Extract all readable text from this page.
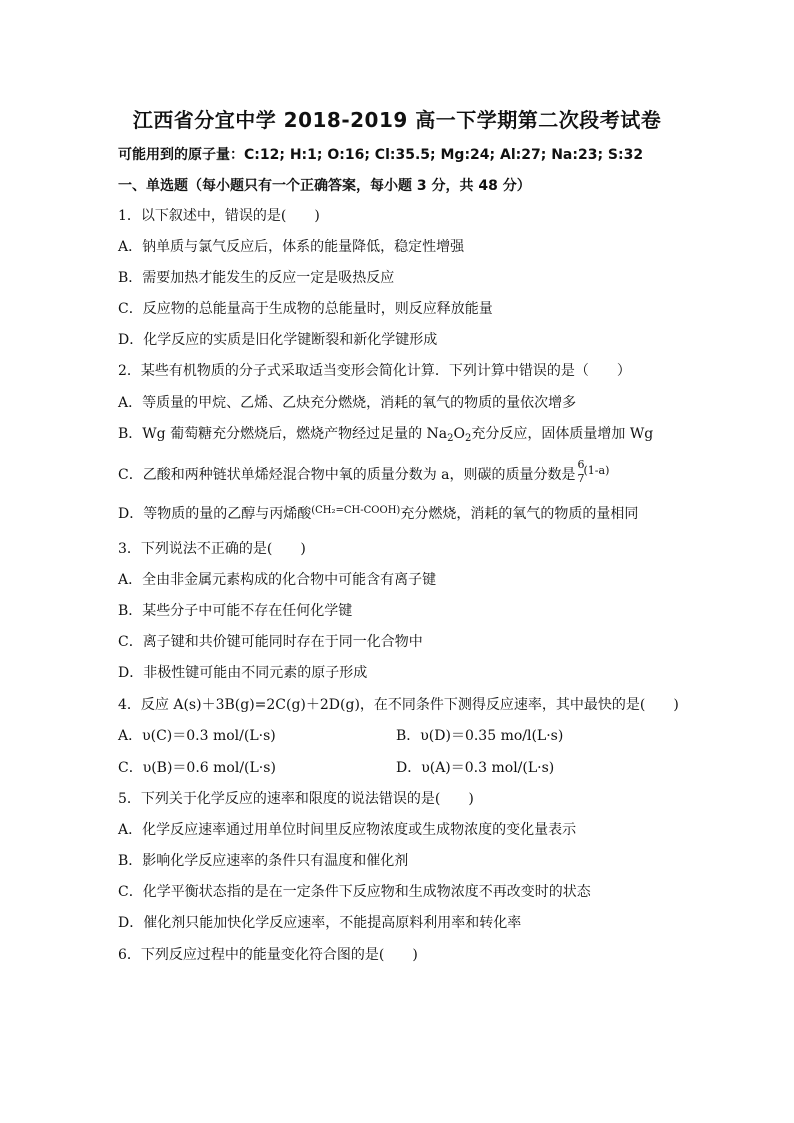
江西省分宜中学 2018-2019 高一下学期第二次段考试卷
可能用到的原子量：C:12; H:1; O:16; Cl:35.5; Mg:24; Al:27; Na:23; S:32
一、单选题（每小题只有一个正确答案，每小题 3 分，共 48 分）
1．以下叙述中，错误的是(　　)
A．钠单质与氯气反应后，体系的能量降低，稳定性增强
B．需要加热才能发生的反应一定是吸热反应
C．反应物的总能量高于生成物的总能量时，则反应释放能量
D．化学反应的实质是旧化学键断裂和新化学键形成
2．某些有机物质的分子式采取适当变形会简化计算．下列计算中错误的是（　　）
A．等质量的甲烷、乙烯、乙炔充分燃烧，消耗的氧气的物质的量依次增多
B．Wg 葡萄糖充分燃烧后，燃烧产物经过足量的 $Na_2O_2$充分反应，固体质量增加 Wg
C．乙酸和两种链状单烯烃混合物中氧的质量分数为 a，则碳的质量分数是
6
7
(1-a)
D．等物质的量的乙醇与丙烯酸$^{(CH_2=CH-COOH)}$充分燃烧，消耗的氧气的物质的量相同
3．下列说法不正确的是(　　)
A．全由非金属元素构成的化合物中可能含有离子键
B．某些分子中可能不存在任何化学键
C．离子键和共价键可能同时存在于同一化合物中
D．非极性键可能由不同元素的原子形成
4．反应 A(s)＋3B(g)=2C(g)＋2D(g)，在不同条件下测得反应速率，其中最快的是(　　)
A．υ(C)＝0.3 mol/(L·s)	B．υ(D)＝0.35 mo/l(L·s)
C．υ(B)＝0.6 mol/(L·s)	D．υ(A)＝0.3 mol/(L·s)
5．下列关于化学反应的速率和限度的说法错误的是(　　)
A．化学反应速率通过用单位时间里反应物浓度或生成物浓度的变化量表示
B．影响化学反应速率的条件只有温度和催化剂
C．化学平衡状态指的是在一定条件下反应物和生成物浓度不再改变时的状态
D．催化剂只能加快化学反应速率，不能提高原料利用率和转化率
6．下列反应过程中的能量变化符合图的是(　　)
